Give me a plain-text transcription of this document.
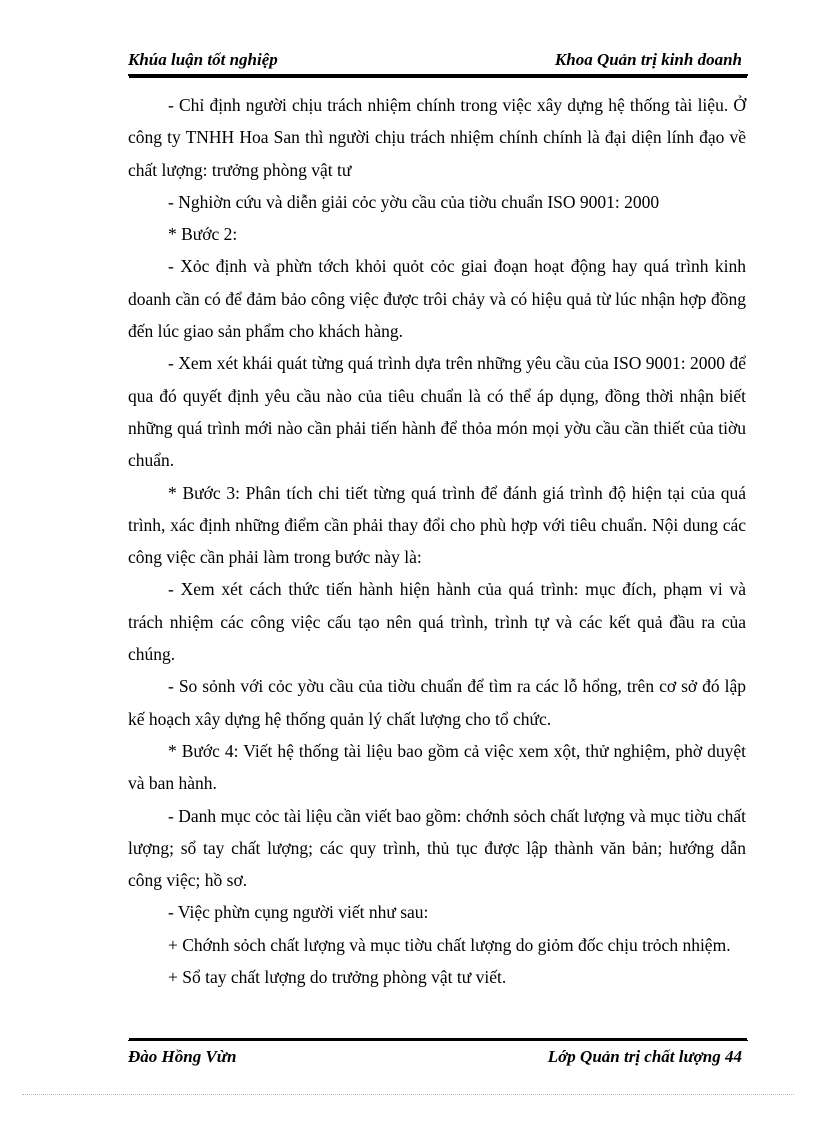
Khúa luận tốt nghiệp	Khoa Quản trị kinh doanh

- Chỉ định người chịu trách nhiệm chính trong việc xây dựng hệ thống tài liệu. Ở công ty TNHH Hoa San thì người chịu trách nhiệm chính chính là đại diện lính đạo về chất lượng: trưởng phòng vật tư

- Nghiờn cứu và diễn giải cỏc yờu cầu của tiờu chuẩn ISO 9001: 2000

* Bước 2:

- Xỏc định và phừn tớch khỏi quỏt cỏc giai đoạn hoạt động hay quá trình kinh doanh cần có để đảm bảo công việc được trôi chảy và có hiệu quả từ lúc nhận hợp đồng đến lúc giao sản phẩm cho khách hàng.

- Xem xét khái quát từng quá trình dựa trên những yêu cầu của ISO 9001: 2000 để qua đó quyết định yêu cầu nào của tiêu chuẩn là có thể áp dụng, đồng thời nhận biết những quá trình mới nào cần phải tiến hành để thỏa món mọi yờu cầu cần thiết của tiờu chuẩn.

* Bước 3: Phân tích chi tiết từng quá trình để đánh giá trình độ hiện tại của quá trình, xác định những điểm cần phải thay đổi cho phù hợp với tiêu chuẩn. Nội dung các công việc cần phải làm trong bước này là:

- Xem xét cách thức tiến hành hiện hành của quá trình: mục đích, phạm vi và trách nhiệm các công việc cấu tạo nên quá trình, trình tự và các kết quả đầu ra của chúng.

- So sỏnh với cỏc yờu cầu của tiờu chuẩn để tìm ra các lỗ hổng, trên cơ sở đó lập kế hoạch xây dựng hệ thống quản lý chất lượng cho tổ chức.

* Bước 4: Viết hệ thống tài liệu bao gồm cả việc xem xột, thử nghiệm, phờ duyệt và ban hành.

- Danh mục cỏc tài liệu cần viết bao gồm: chớnh sỏch chất lượng và mục tiờu chất lượng; sổ tay chất lượng; các quy trình, thủ tục được lập thành văn bản; hướng dẫn công việc; hồ sơ.

- Việc phừn cụng người viết như sau:

+ Chớnh sỏch chất lượng và mục tiờu chất lượng do giỏm đốc chịu trỏch nhiệm.

+ Sổ tay chất lượng do trưởng phòng vật tư viết.

Đào Hồng Vừn	Lớp Quản trị chất lượng 44
